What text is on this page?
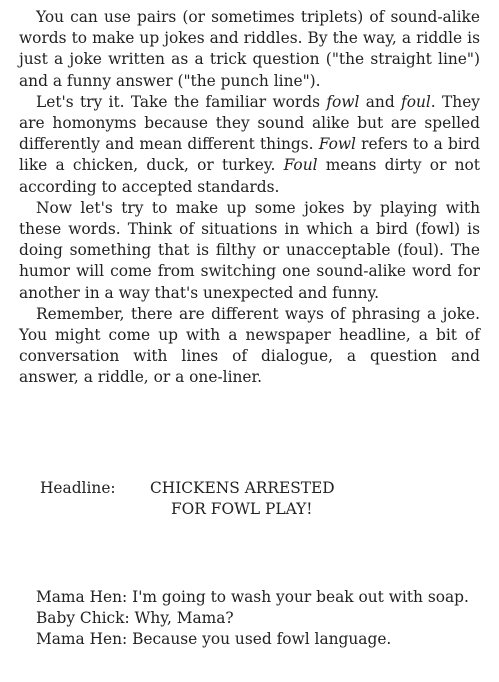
You can use pairs (or sometimes triplets) of sound-alike words to make up jokes and riddles. By the way, a riddle is just a joke written as a trick question ("the straight line") and a funny answer ("the punch line").

Let's try it. Take the familiar words fowl and foul. They are homonyms because they sound alike but are spelled differently and mean different things. Fowl refers to a bird like a chicken, duck, or turkey. Foul means dirty or not according to accepted standards.

Now let's try to make up some jokes by playing with these words. Think of situations in which a bird (fowl) is doing something that is filthy or unacceptable (foul). The humor will come from switching one sound-alike word for another in a way that's unexpected and funny.

Remember, there are different ways of phrasing a joke. You might come up with a newspaper headline, a bit of conversation with lines of dialogue, a question and answer, a riddle, or a one-liner.

Headline: CHICKENS ARRESTED
FOR FOWL PLAY!
Mama Hen: I'm going to wash your beak out with soap.
Baby Chick: Why, Mama?
Mama Hen: Because you used fowl language.
